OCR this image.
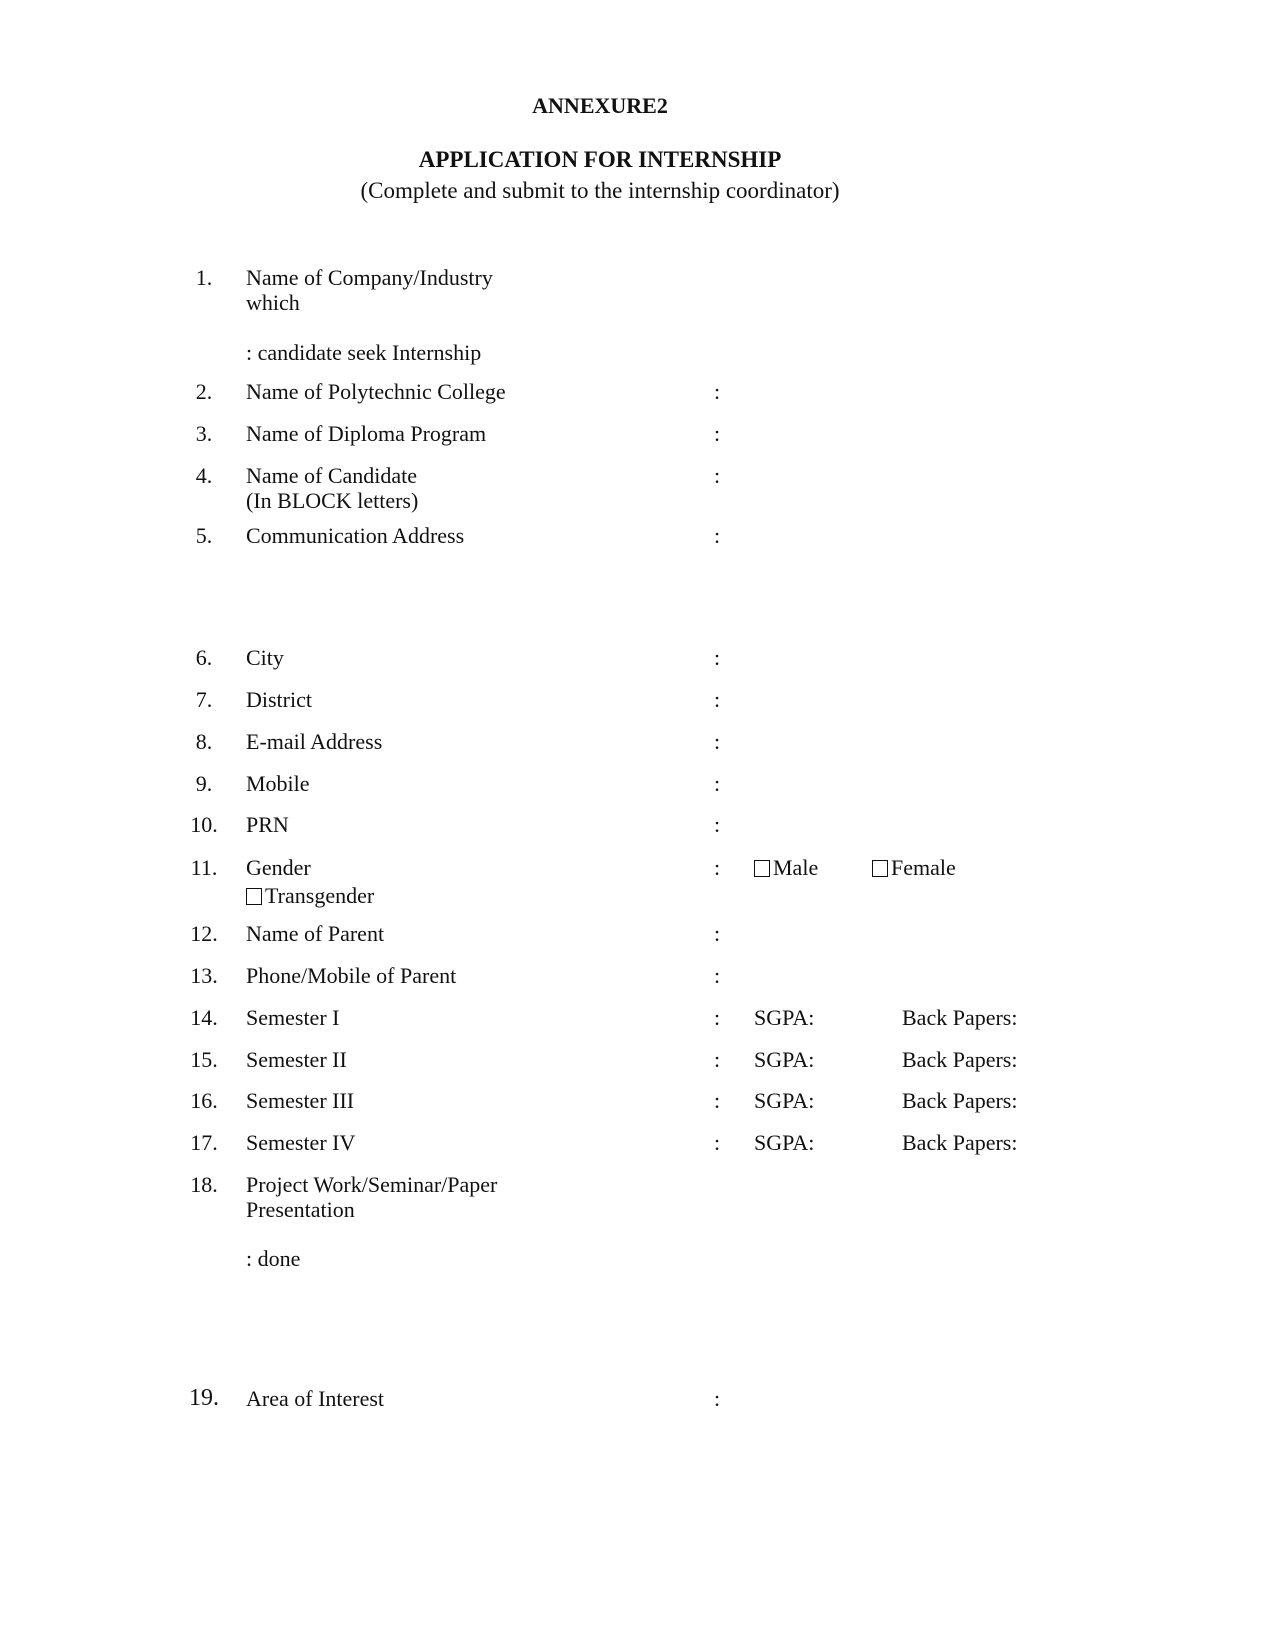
ANNEXURE2
APPLICATION FOR INTERNSHIP
(Complete and submit to the internship coordinator)
1.	Name of Company/Industry
which
: candidate seek Internship
2.	Name of Polytechnic College	:
3.	Name of Diploma Program	:
4.	Name of Candidate
(In BLOCK letters)
:
5.	Communication Address	:
6.	City	:
7.	District	:
8.	E-mail Address	:
9.	Mobile	:
10.	PRN	:
11.	Gender	:	Male	Female
Transgender
12.	Name of Parent	:
13.	Phone/Mobile of Parent	:
14.	Semester I	: SGPA:	Back Papers:
15.	Semester II	: SGPA:	Back Papers:
16.	Semester III	: SGPA:	Back Papers:
17.	Semester IV	: SGPA:	Back Papers:
18.	Project Work/Seminar/Paper
Presentation
: done
19.	Area of Interest	:
